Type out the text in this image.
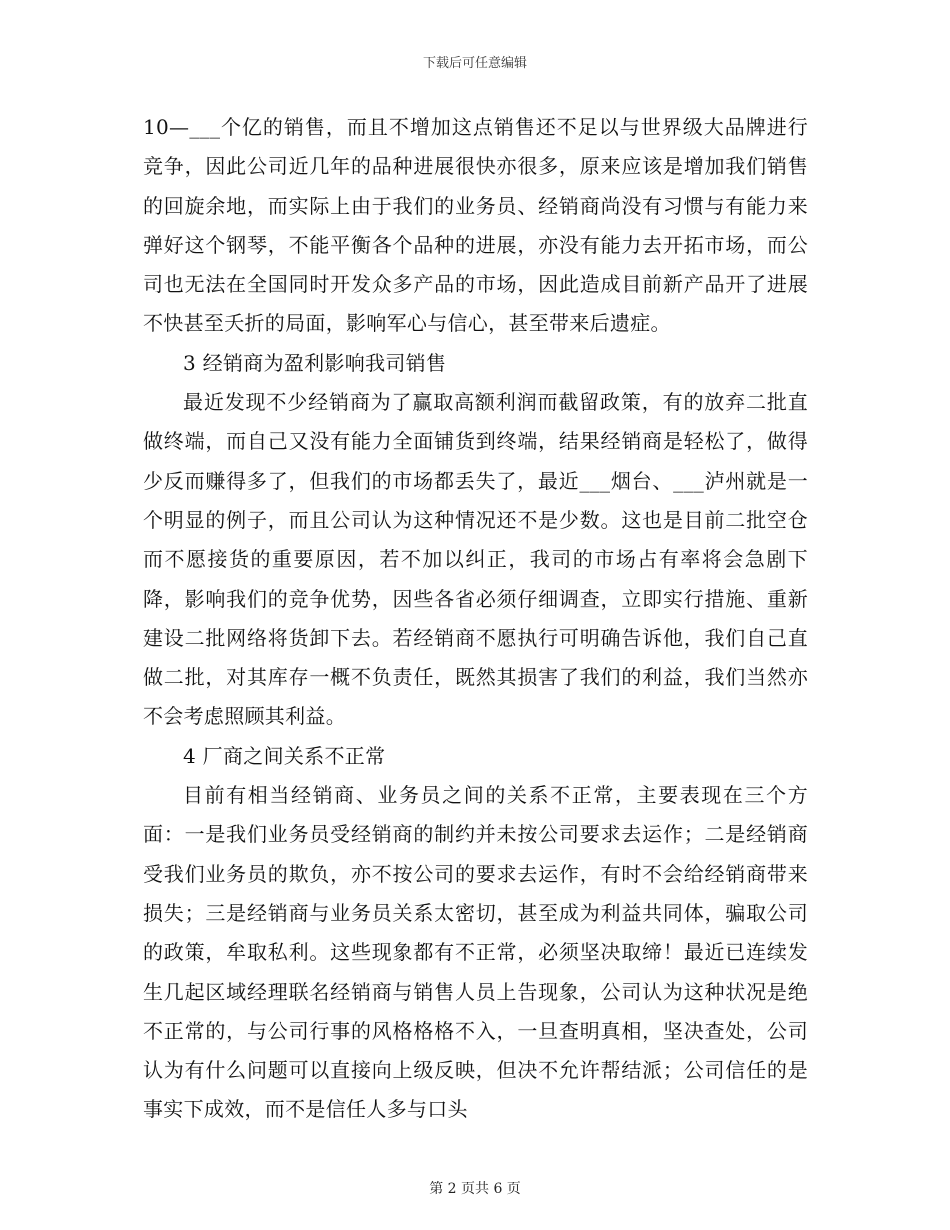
下载后可任意编辑

10—___个亿的销售，而且不增加这点销售还不足以与世界级大品牌进行竞争，因此公司近几年的品种进展很快亦很多，原来应该是增加我们销售的回旋余地，而实际上由于我们的业务员、经销商尚没有习惯与有能力来弹好这个钢琴，不能平衡各个品种的进展，亦没有能力去开拓市场，而公司也无法在全国同时开发众多产品的市场，因此造成目前新产品开了进展不快甚至夭折的局面，影响军心与信心，甚至带来后遗症。

3 经销商为盈利影响我司销售

最近发现不少经销商为了赢取高额利润而截留政策，有的放弃二批直做终端，而自己又没有能力全面铺货到终端，结果经销商是轻松了，做得少反而赚得多了，但我们的市场都丢失了，最近___烟台、___泸州就是一个明显的例子，而且公司认为这种情况还不是少数。这也是目前二批空仓而不愿接货的重要原因，若不加以纠正，我司的市场占有率将会急剧下降，影响我们的竞争优势，因些各省必须仔细调查，立即实行措施、重新建设二批网络将货卸下去。若经销商不愿执行可明确告诉他，我们自己直做二批，对其库存一概不负责任，既然其损害了我们的利益，我们当然亦不会考虑照顾其利益。

4 厂商之间关系不正常

目前有相当经销商、业务员之间的关系不正常，主要表现在三个方面：一是我们业务员受经销商的制约并未按公司要求去运作；二是经销商受我们业务员的欺负，亦不按公司的要求去运作，有时不会给经销商带来损失；三是经销商与业务员关系太密切，甚至成为利益共同体，骗取公司的政策，牟取私利。这些现象都有不正常，必须坚决取缔！最近已连续发生几起区域经理联名经销商与销售人员上告现象，公司认为这种状况是绝不正常的，与公司行事的风格格格不入，一旦查明真相，坚决查处，公司认为有什么问题可以直接向上级反映，但决不允许帮结派；公司信任的是事实下成效，而不是信任人多与口头

第 2 页共 6 页
